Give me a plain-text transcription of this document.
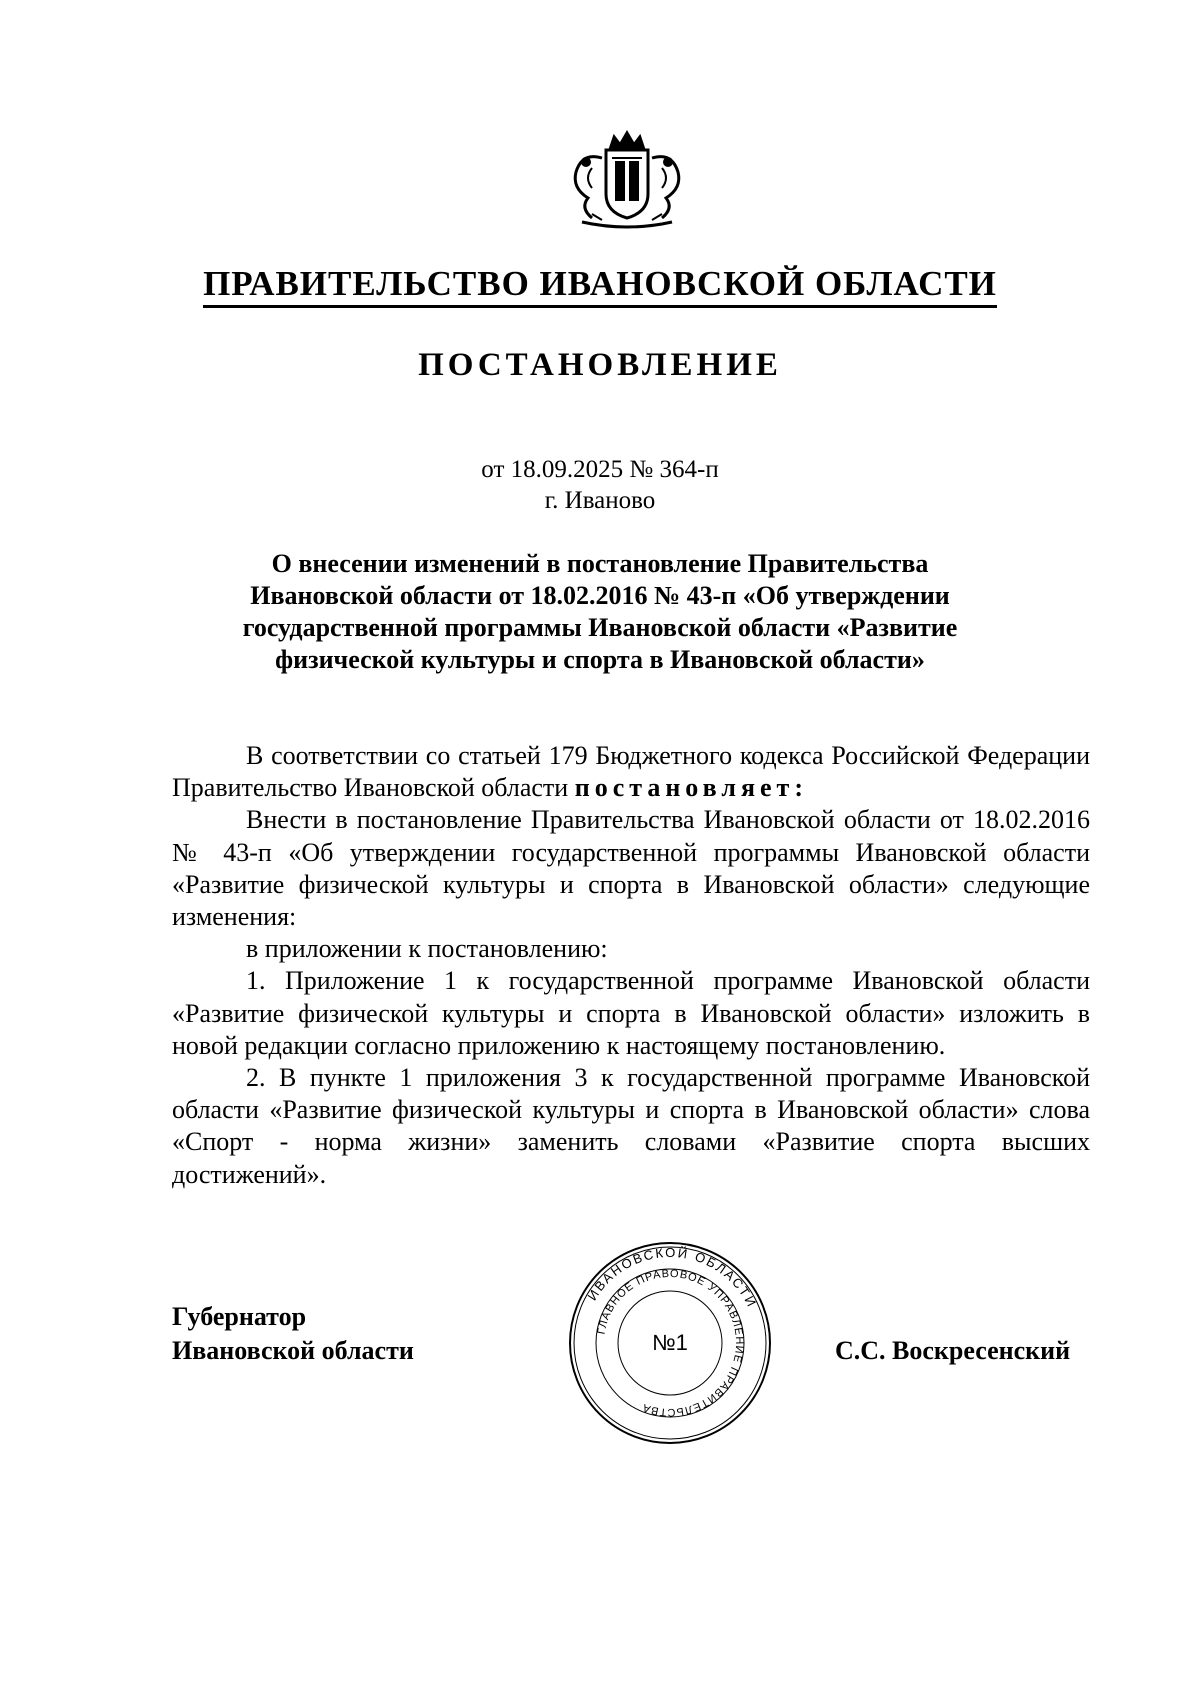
ПРАВИТЕЛЬСТВО ИВАНОВСКОЙ ОБЛАСТИ
ПОСТАНОВЛЕНИЕ
от 18.09.2025 № 364-п
г. Иваново
О внесении изменений в постановление Правительства
Ивановской области от 18.02.2016 № 43-п «Об утверждении
государственной программы Ивановской области «Развитие
физической культуры и спорта в Ивановской области»

В соответствии со статьей 179 Бюджетного кодекса Российской Федерации Правительство Ивановской области постановляет:

Внести в постановление Правительства Ивановской области от 18.02.2016 № 43-п «Об утверждении государственной программы Ивановской области «Развитие физической культуры и спорта в Ивановской области» следующие изменения:

в приложении к постановлению:

1. Приложение 1 к государственной программе Ивановской области «Развитие физической культуры и спорта в Ивановской области» изложить в новой редакции согласно приложению к настоящему постановлению.

2. В пункте 1 приложения 3 к государственной программе Ивановской области «Развитие физической культуры и спорта в Ивановской области» слова «Спорт - норма жизни» заменить словами «Развитие спорта высших достижений».

Губернатор
Ивановской области
ИВАНОВСКОЙ ОБЛАСТИ
ГЛАВНОЕ ПРАВОВОЕ УПРАВЛЕНИЕ ПРАВИТЕЛЬСТВА
№1	С.С. Воскресенский
